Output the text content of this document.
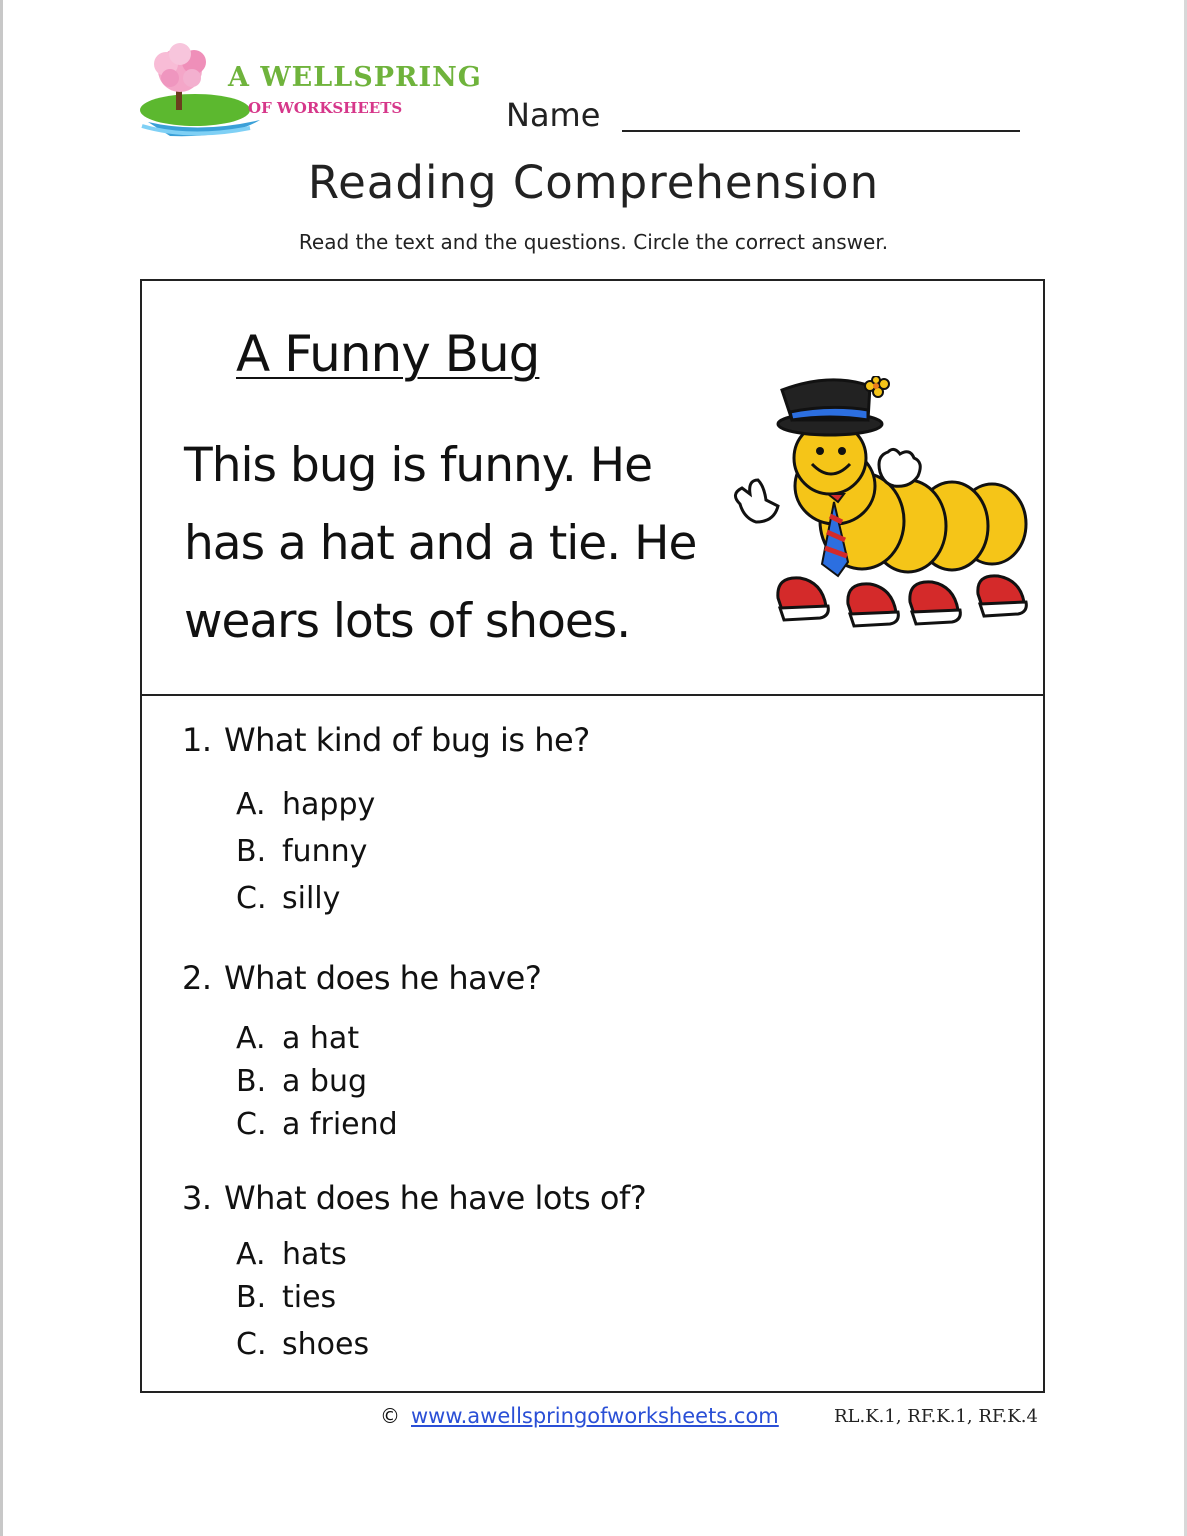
A WELLSPRING
OF WORKSHEETS	Name
Reading Comprehension
Read the text and the questions. Circle the correct answer.
A Funny Bug
This bug is funny. He
has a hat and a tie. He
wears lots of shoes.
1. What kind of bug is he?
A. happy
B. funny
C. silly
2. What does he have?
A. a hat
B. a bug
C. a friend
3. What does he have lots of?
A. hats
B. ties
C. shoes
© www.awellspringofworksheets.com	RL.K.1, RF.K.1, RF.K.4
